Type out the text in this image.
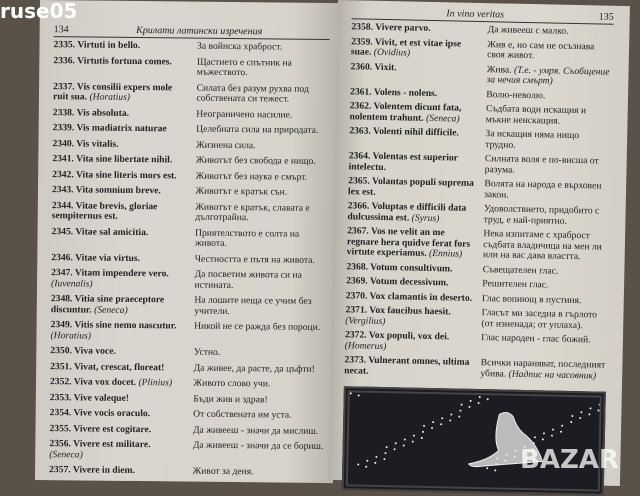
134	Крилати латински изречения
2335. Virtuti in bello.	За войнска храброст.
2336. Virtutis fortuna comes.	Щастието е спътник на мъжеството.
2337. Vis consilii expers mole ruit sua. (Horatius)
Силата без разум рухва под собствената си тежест.
2338. Vis absoluta.	Неограничено насилие.
2339. Vis madiatrix naturae	Целебната сила на природата.
2340. Vis vitalis.	Жизнена сила.
2341. Vita sine libertate nihil.	Животът без свобода е нищо.
2342. Vita sine literis mors est.	Животът без наука е смърт.
2343. Vita somnium breve.	Животът е кратък сън.
2344. Vitae brevis, gloriae sempiternus est.
Животът е кратък, славата е дълготрайна.
2345. Vitae sal amicitia.	Приятелството е солта на живота.
2346. Vitae via virtus.	Честността е пътя на живота.
2347. Vitam impendere vero. (Iuvenalis)
Да посветим живота си на истината.
2348. Vitia sine praeceptore discuntur. (Seneca)
На лошите неща се учим без учители.
2349. Vitis sine nemo nascutur. (Horatius)
Никой не се ражда без пороци.
2350. Viva voce.	Устно.
2351. Vivat, crescat, floreat!	Да живее, да расте, да цъфти!
2352. Viva vox docet. (Plinius)	Живото слово учи.
2353. Vive valeque!	Бъди жив и здрав!
2354. Vive vocis oraculo.	От собствената им уста.
2355. Vivere est cogitare.	Да живееш - значи да мислиш.
2356. Vivere est militare. (Seneca)
Да живееш - значи да се бориш.
2357. Vivere in diem.	Живот за деня.
In vino veritas	135
2358. Vivere parvo.	Да живееш с малко.
2359. Vivit, et est vitae ipse suae. (Ovidius)
Жив е, но сам не осъзнава своя живот.
2360. Vixit.	Жива. (Т.е. - умря. Съобщение за нечия смърт)
2361. Volens - nolens.	Волю-неволю.
2362. Volentem dicunt fata, nolentem trahunt. (Seneca)
Съдбата води искащия и мъкне неискащия.
2363. Volenti nihil difficile.	За искащия няма нищо трудно.
2364. Volentas est superior intelectu.
Силната воля е по-висша от разума.
2365. Volantas populi suprema lex est.	Волята на народа е върховен закон.
2366. Voluptas e difficili data dulcussima est. (Syrus)
Удоволствието, придобито с труд, е най-приятно.
2367. Vos ne velit an me regnare hera quidve ferat fors virtute experiamus. (Ennius)
Нека изпитаме с храброст съдбата владичица на мен ли или на вас дава властта.
2368. Votum consultivum.	Съвещателен глас.
2369. Votum decessivum.	Решителен глас.
2370. Vox clamantis in deserto.	Глас вопиющ в пустиня.
2371. Vox faucibus haesit. (Vergilius)
Гласът ми заседна в гърлото (от изненада; от уплаха).
2372. Vox populi, vox dei. (Homerus)
Глас народен - глас божий.
2373. Vulnerant omnes, ultima necat.	Всички нараняват, последният убива. (Надпис на часовник)
ruse05
BAZAR
